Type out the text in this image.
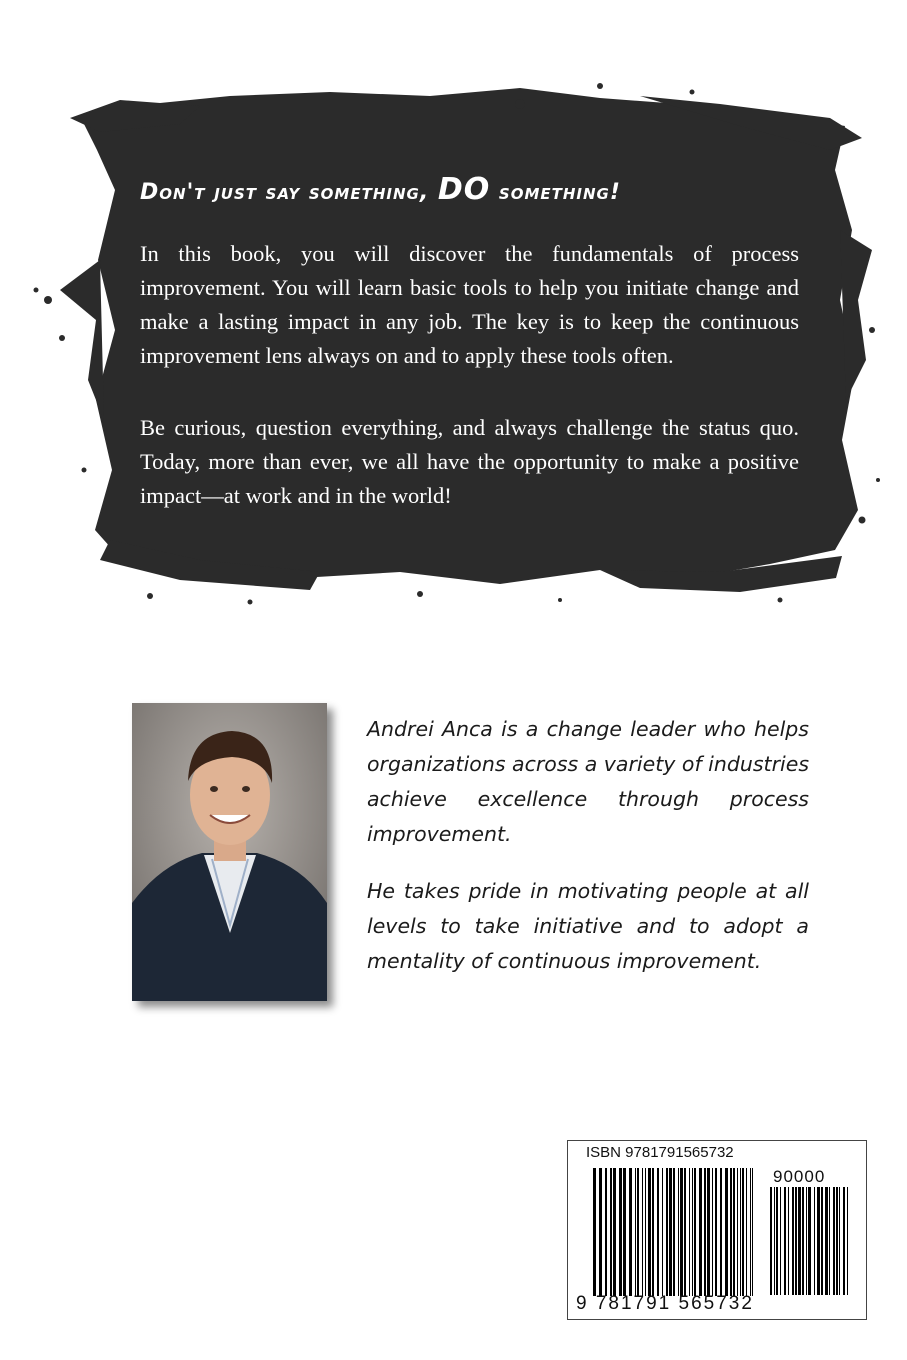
Don't just say something, DO something!

In this book, you will discover the fundamentals of process improvement. You will learn basic tools to help you initiate change and make a lasting impact in any job. The key is to keep the continuous improvement lens always on and to apply these tools often.

Be curious, question everything, and always challenge the status quo. Today, more than ever, we all have the opportunity to make a positive impact—at work and in the world!

Andrei Anca is a change leader who helps organizations across a variety of industries achieve excellence through process improvement.

He takes pride in motivating people at all levels to take initiative and to adopt a mentality of continuous improvement.

ISBN 9781791565732
90000
9 781791 565732
